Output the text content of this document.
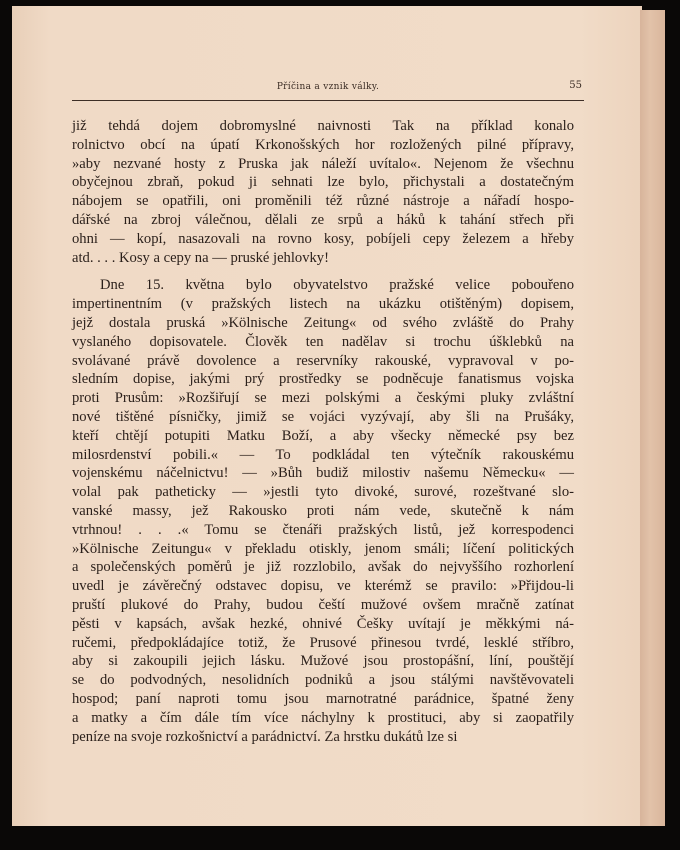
Příčina a vznik války.	55
již tehdá dojem dobromyslné naivnosti Tak na příklad konalo
rolnictvo obcí na úpatí Krkonošských hor rozložených pilné přípravy,
»aby nezvané hosty z Pruska jak náleží uvítalo«. Nejenom že všechnu
obyčejnou zbraň, pokud ji sehnati lze bylo, přichystali a dostatečným
nábojem se opatřili, oni proměnili též různé nástroje a nářadí hospo-
dářské na zbroj válečnou, dělali ze srpů a háků k tahání střech při
ohni — kopí, nasazovali na rovno kosy, pobíjeli cepy železem a hřeby
atd. . . . Kosy a cepy na — pruské jehlovky!
Dne 15. května bylo obyvatelstvo pražské velice pobouřeno
impertinentním (v pražských listech na ukázku otištěným) dopisem,
jejž dostala pruská »Kölnische Zeitung« od svého zvláště do Prahy
vyslaného dopisovatele. Člověk ten nadělav si trochu úšklebků na
svolávané právě dovolence a reservníky rakouské, vypravoval v po-
sledním dopise, jakými prý prostředky se podněcuje fanatismus vojska
proti Prusům: »Rozšiřují se mezi polskými a českými pluky zvláštní
nové tištěné písničky, jimiž se vojáci vyzývají, aby šli na Prušáky,
kteří chtějí potupiti Matku Boží, a aby všecky německé psy bez
milosrdenství pobili.« — To podkládal ten výtečník rakouskému
vojenskému náčelnictvu! — »Bůh budiž milostiv našemu Německu« —
volal pak patheticky — »jestli tyto divoké, surové, rozeštvané slo-
vanské massy, jež Rakousko proti nám vede, skutečně k nám
vtrhnou! . . .« Tomu se čtenáři pražských listů, jež korrespodenci
»Kölnische Zeitungu« v překladu otiskly, jenom smáli; líčení politických
a společenských poměrů je již rozzlobilo, avšak do nejvyššího rozhorlení
uvedl je závěrečný odstavec dopisu, ve kterémž se pravilo: »Přijdou-li
pruští plukové do Prahy, budou čeští mužové ovšem mračně zatínat
pěsti v kapsách, avšak hezké, ohnivé Češky uvítají je měkkými ná-
ručemi, předpokládajíce totiž, že Prusové přinesou tvrdé, lesklé stříbro,
aby si zakoupili jejich lásku. Mužové jsou prostopášní, líní, pouštějí
se do podvodných, nesolidních podniků a jsou stálými navštěvovateli
hospod; paní naproti tomu jsou marnotratné parádnice, špatné ženy
a matky a čím dále tím více náchylny k prostituci, aby si zaopatřily
peníze na svoje rozkošnictví a parádnictví. Za hrstku dukátů lze si
